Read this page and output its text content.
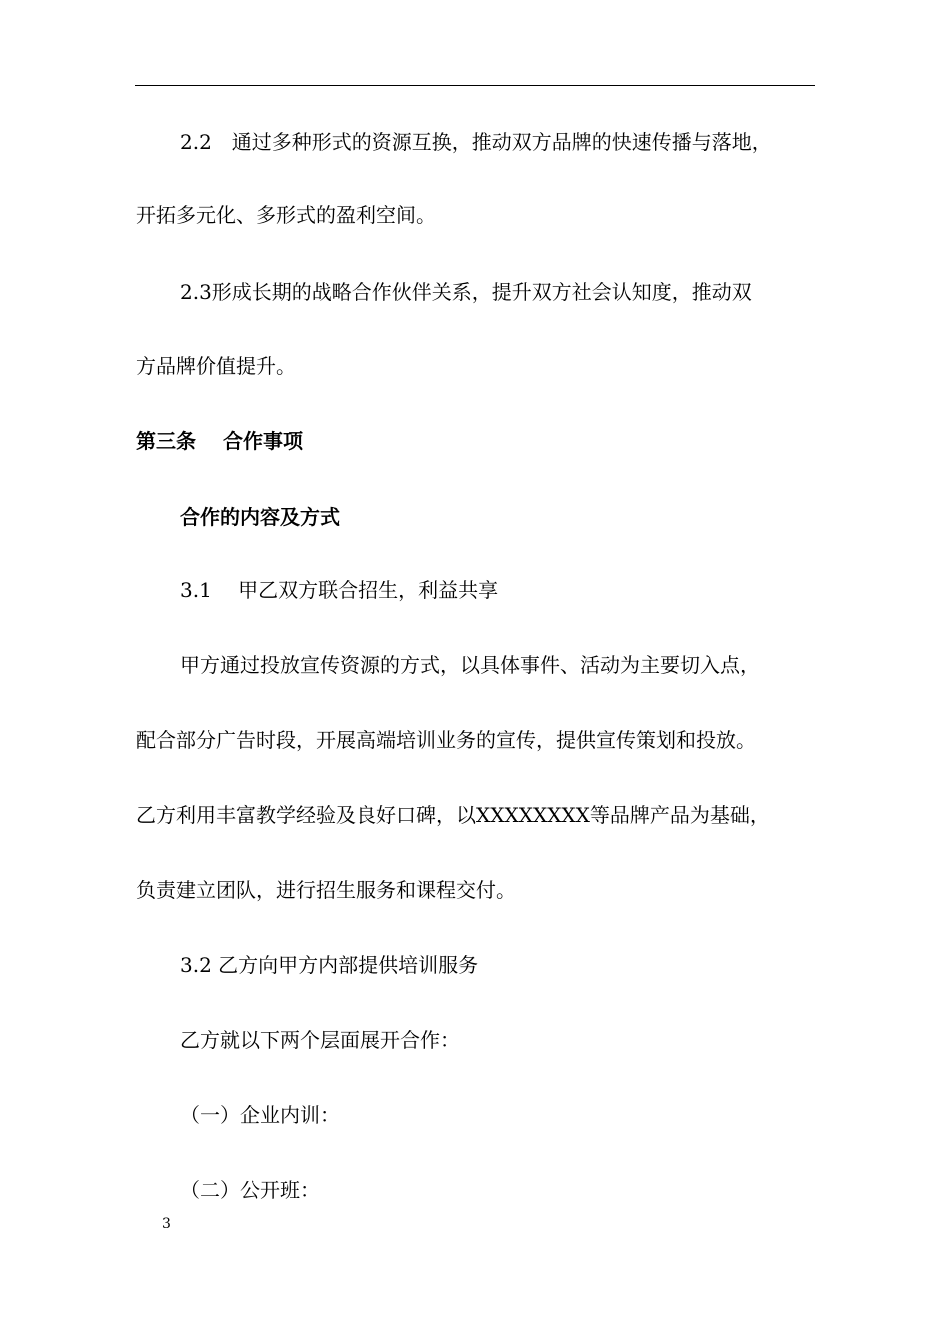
2.2　通过多种形式的资源互换，推动双方品牌的快速传播与落地，
开拓多元化、多形式的盈利空间。
2.3形成长期的战略合作伙伴关系，提升双方社会认知度，推动双
方品牌价值提升。
第三条　 合作事项
合作的内容及方式
3.1　 甲乙双方联合招生，利益共享
甲方通过投放宣传资源的方式，以具体事件、活动为主要切入点，
配合部分广告时段，开展高端培训业务的宣传，提供宣传策划和投放。
乙方利用丰富教学经验及良好口碑，以XXXXXXXX等品牌产品为基础，
负责建立团队，进行招生服务和课程交付。
3.2 乙方向甲方内部提供培训服务
乙方就以下两个层面展开合作：
（一）企业内训：
（二）公开班：
3
